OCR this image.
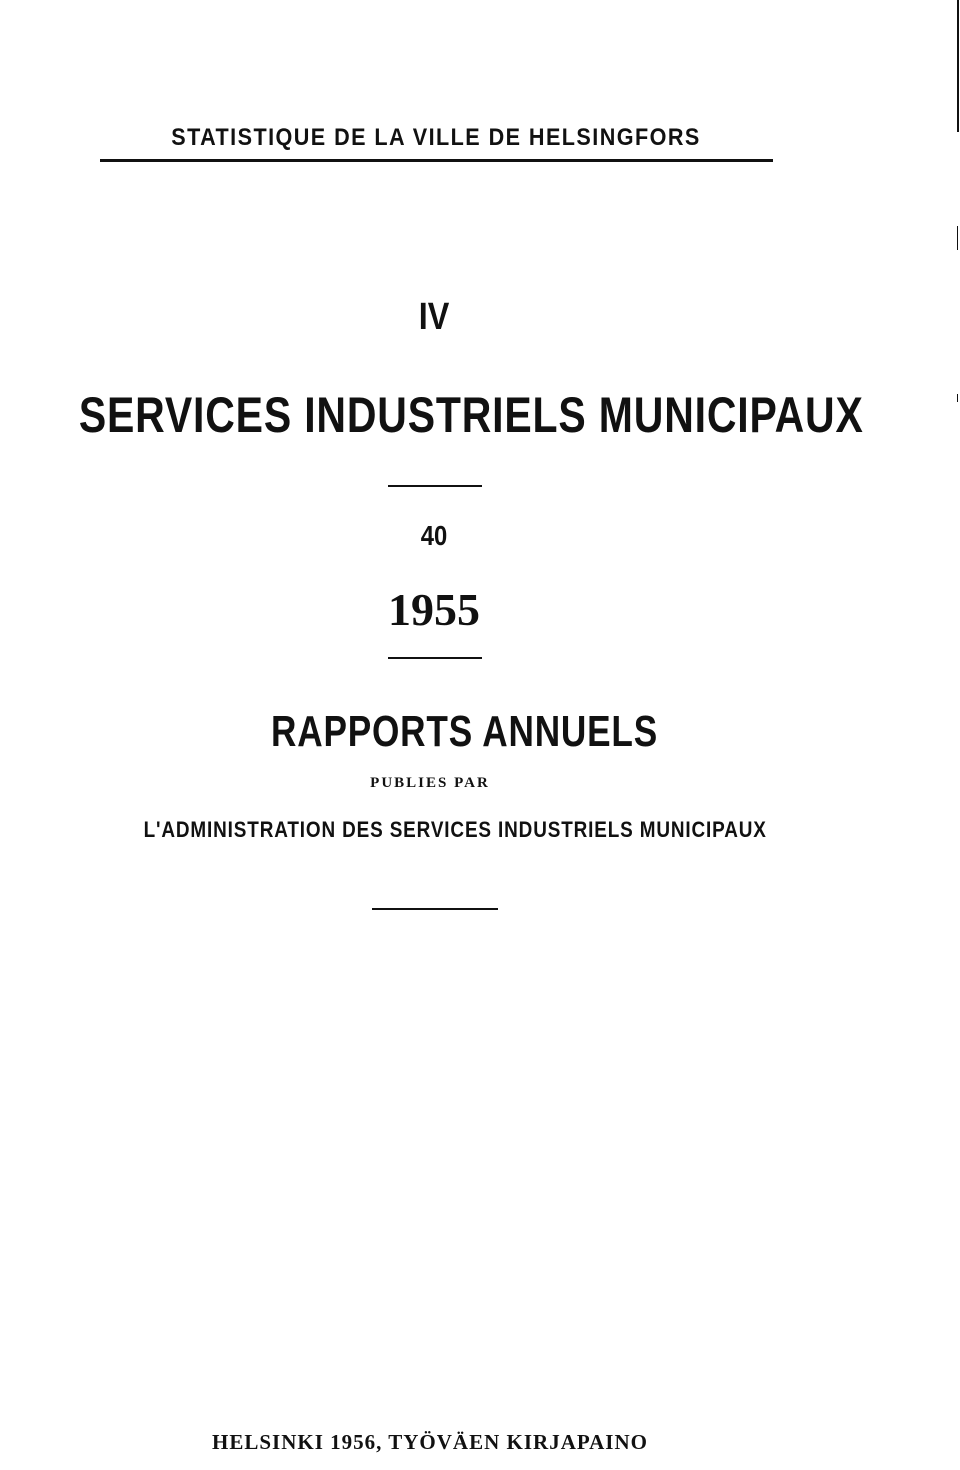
STATISTIQUE DE LA VILLE DE HELSINGFORS
IV
SERVICES INDUSTRIELS MUNICIPAUX
40
1955
RAPPORTS ANNUELS
PUBLIES PAR
L'ADMINISTRATION DES SERVICES INDUSTRIELS MUNICIPAUX
HELSINKI 1956, TYÖVÄEN KIRJAPAINO
